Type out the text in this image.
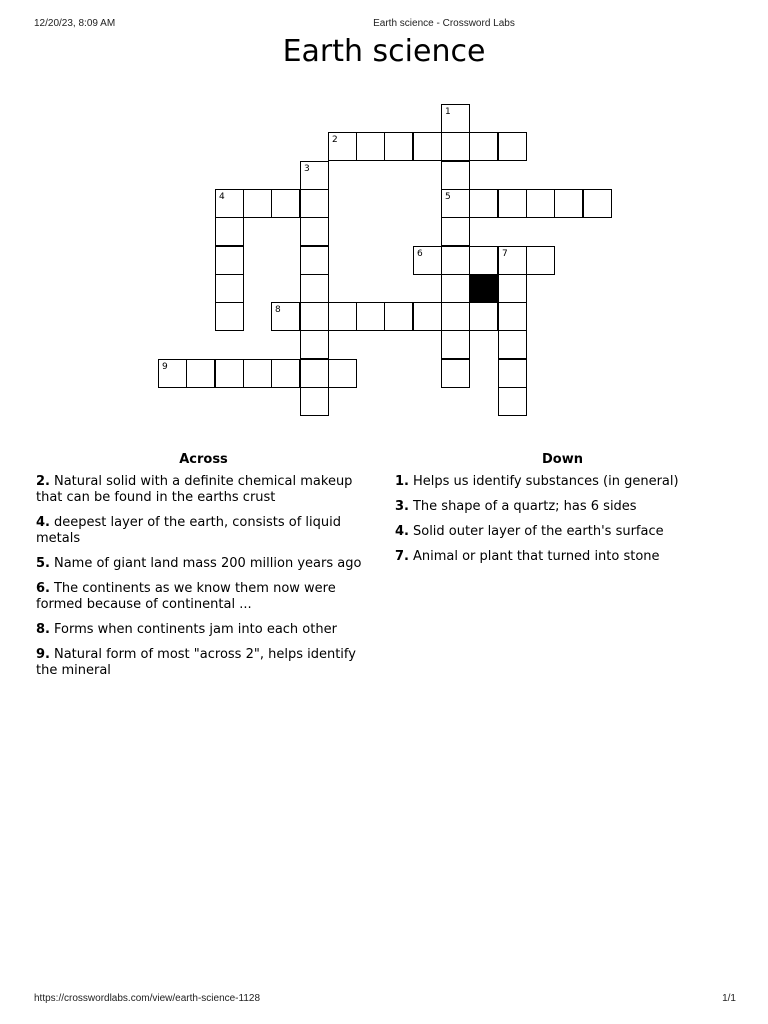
12/20/23, 8:09 AM	Earth science - Crossword Labs
Earth science
1
2
3
4	5
6	7
8
9
Across
2. Natural solid with a definite chemical makeup that can be found in the earths crust
4. deepest layer of the earth, consists of liquid metals
5. Name of giant land mass 200 million years ago
6. The continents as we know them now were formed because of continental ...
8. Forms when continents jam into each other
9. Natural form of most "across 2", helps identify the mineral
Down
1. Helps us identify substances (in general)
3. The shape of a quartz; has 6 sides
4. Solid outer layer of the earth's surface
7. Animal or plant that turned into stone
https://crosswordlabs.com/view/earth-science-1128	1/1
